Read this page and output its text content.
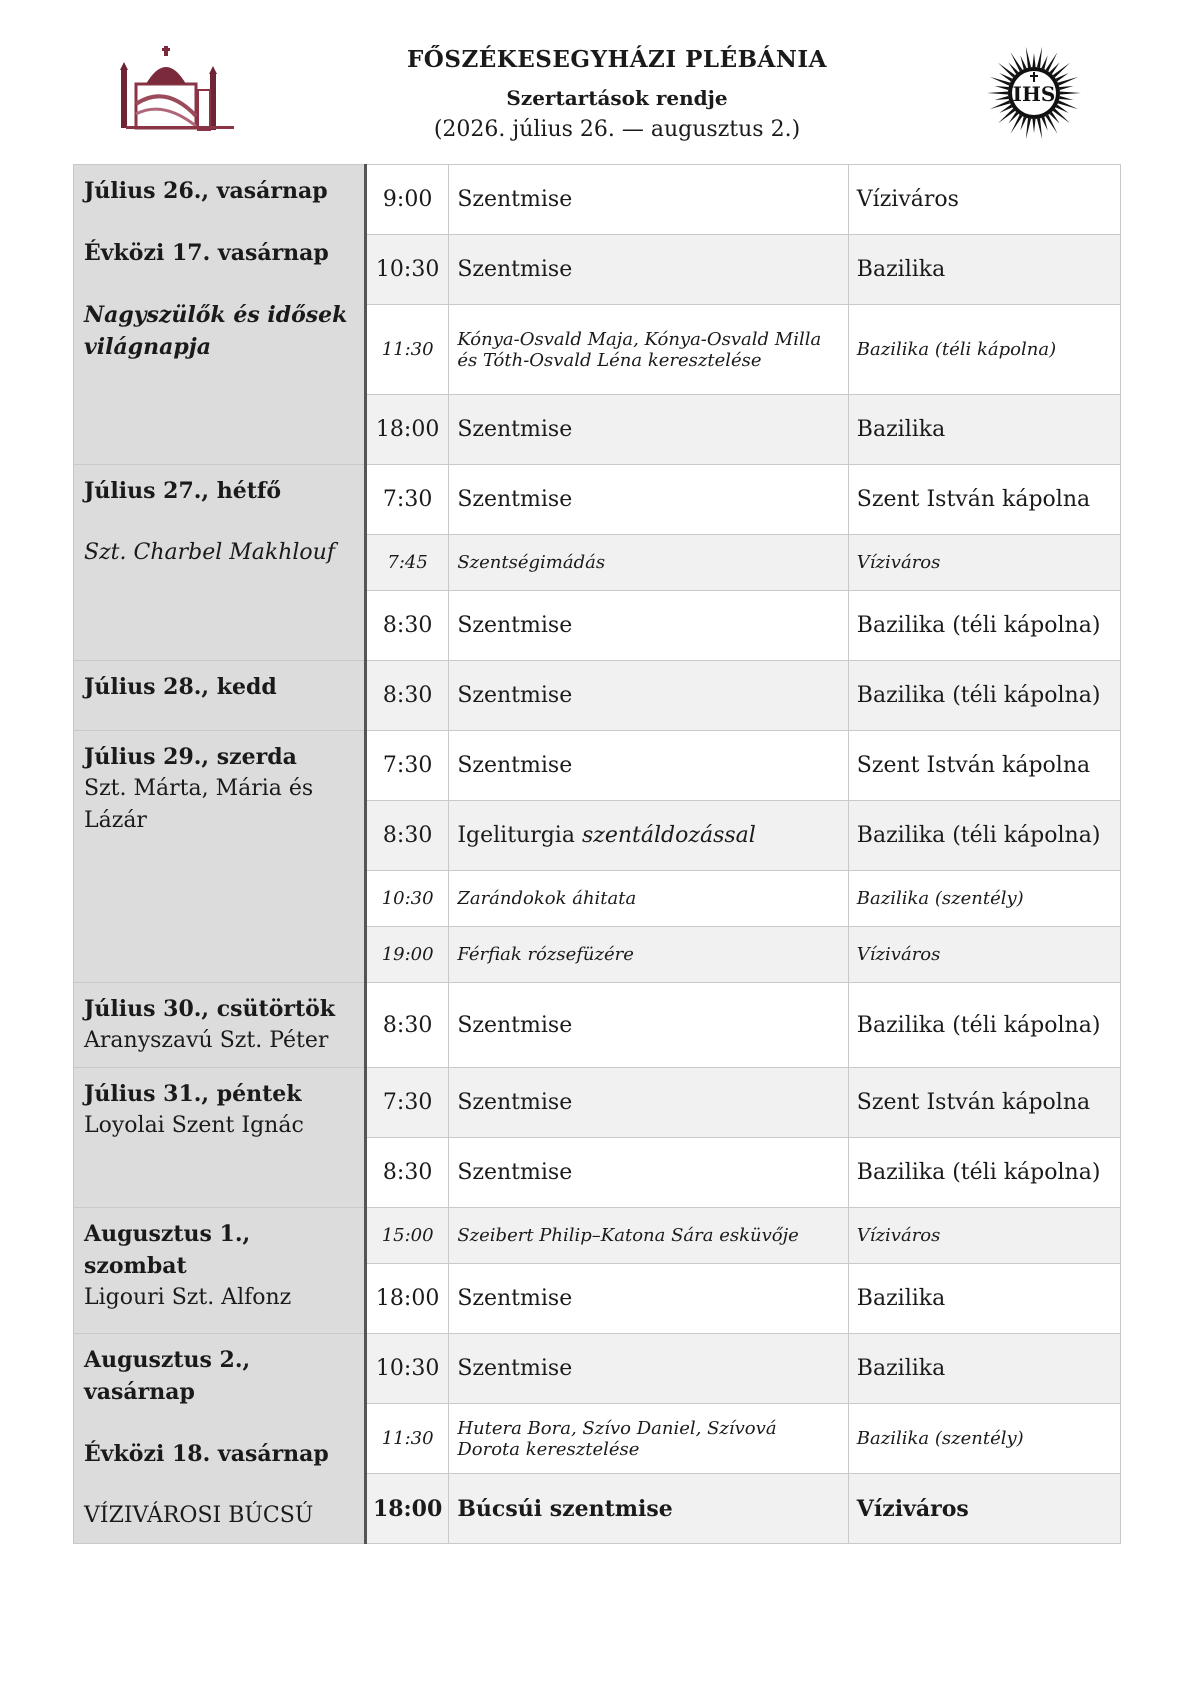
FŐSZÉKESEGYHÁZI PLÉBÁNIA
Szertartások rendje
(2026. július 26. — augusztus 2.)
IHS
Július 26., vasárnap
Évközi 17. vasárnap
Nagyszülők és idősek világnapja	9:00	Szentmise	Víziváros
	10:30	Szentmise	Bazilika
	11:30	Kónya-Osvald Maja, Kónya-Osvald Milla és Tóth-Osvald Léna keresztelése	Bazilika (téli kápolna)
	18:00	Szentmise	Bazilika

Július 27., hétfő
Szt. Charbel Makhlouf	7:30	Szentmise	Szent István kápolna
	7:45	Szentségimádás	Víziváros
	8:30	Szentmise	Bazilika (téli kápolna)

Július 28., kedd	8:30	Szentmise	Bazilika (téli kápolna)

Július 29., szerda
Szt. Márta, Mária és Lázár	7:30	Szentmise	Szent István kápolna
	8:30	Igeliturgia szentáldozással	Bazilika (téli kápolna)
	10:30	Zarándokok áhitata	Bazilika (szentély)
	19:00	Férfiak rózsefüzére	Víziváros

Július 30., csütörtök
Aranyszavú Szt. Péter	8:30	Szentmise	Bazilika (téli kápolna)

Július 31., péntek
Loyolai Szent Ignác	7:30	Szentmise	Szent István kápolna
	8:30	Szentmise	Bazilika (téli kápolna)

Augusztus 1., szombat
Ligouri Szt. Alfonz	15:00	Szeibert Philip–Katona Sára esküvője	Víziváros
	18:00	Szentmise	Bazilika

Augusztus 2., vasárnap
Évközi 18. vasárnap
VÍZIVÁROSI BÚCSÚ	10:30	Szentmise	Bazilika
	11:30	Hutera Bora, Szívo Daniel, Szívová Dorota keresztelése	Bazilika (szentély)
	18:00	Búcsúi szentmise	Víziváros
